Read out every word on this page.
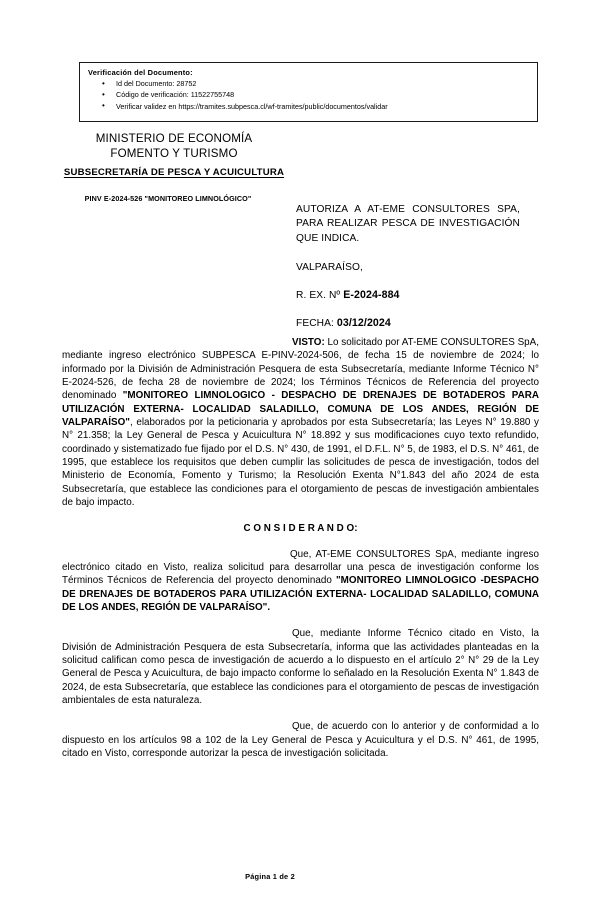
Verificación del Documento:
• Id del Documento: 28752
• Código de verificación: 11522755748
• Verificar validez en https://tramites.subpesca.cl/wf-tramites/public/documentos/validar
MINISTERIO DE ECONOMÍA
FOMENTO Y TURISMO
SUBSECRETARÍA DE PESCA Y ACUICULTURA
PINV E-2024-526 "MONITOREO LIMNOLÓGICO"
AUTORIZA A AT-EME CONSULTORES SPA, PARA REALIZAR PESCA DE INVESTIGACIÓN QUE INDICA.
VALPARAÍSO,
R. EX. Nº E-2024-884
FECHA: 03/12/2024

VISTO: Lo solicitado por AT-EME CONSULTORES SpA, mediante ingreso electrónico SUBPESCA E-PINV-2024-506, de fecha 15 de noviembre de 2024; lo informado por la División de Administración Pesquera de esta Subsecretaría, mediante Informe Técnico N° E-2024-526, de fecha 28 de noviembre de 2024; los Términos Técnicos de Referencia del proyecto denominado "MONITOREO LIMNOLOGICO - DESPACHO DE DRENAJES DE BOTADEROS PARA UTILIZACIÓN EXTERNA- LOCALIDAD SALADILLO, COMUNA DE LOS ANDES, REGIÓN DE VALPARAÍSO", elaborados por la peticionaria y aprobados por esta Subsecretaría; las Leyes N° 19.880 y N° 21.358; la Ley General de Pesca y Acuicultura N° 18.892 y sus modificaciones cuyo texto refundido, coordinado y sistematizado fue fijado por el D.S. N° 430, de 1991, el D.F.L. N° 5, de 1983, el D.S. N° 461, de 1995, que establece los requisitos que deben cumplir las solicitudes de pesca de investigación, todos del Ministerio de Economía, Fomento y Turismo; la Resolución Exenta N°1.843 del año 2024 de esta Subsecretaría, que establece las condiciones para el otorgamiento de pescas de investigación ambientales de bajo impacto.

C O N S I D E R A N D O:

Que, AT-EME CONSULTORES SpA, mediante ingreso electrónico citado en Visto, realiza solicitud para desarrollar una pesca de investigación conforme los Términos Técnicos de Referencia del proyecto denominado "MONITOREO LIMNOLOGICO -DESPACHO DE DRENAJES DE BOTADEROS PARA UTILIZACIÓN EXTERNA- LOCALIDAD SALADILLO, COMUNA DE LOS ANDES, REGIÓN DE VALPARAÍSO".

Que, mediante Informe Técnico citado en Visto, la División de Administración Pesquera de esta Subsecretaría, informa que las actividades planteadas en la solicitud califican como pesca de investigación de acuerdo a lo dispuesto en el artículo 2° N° 29 de la Ley General de Pesca y Acuicultura, de bajo impacto conforme lo señalado en la Resolución Exenta N° 1.843 de 2024, de esta Subsecretaría, que establece las condiciones para el otorgamiento de pescas de investigación ambientales de esta naturaleza.

Que, de acuerdo con lo anterior y de conformidad a lo dispuesto en los artículos 98 a 102 de la Ley General de Pesca y Acuicultura y el D.S. N° 461, de 1995, citado en Visto, corresponde autorizar la pesca de investigación solicitada.

Página 1 de 2
